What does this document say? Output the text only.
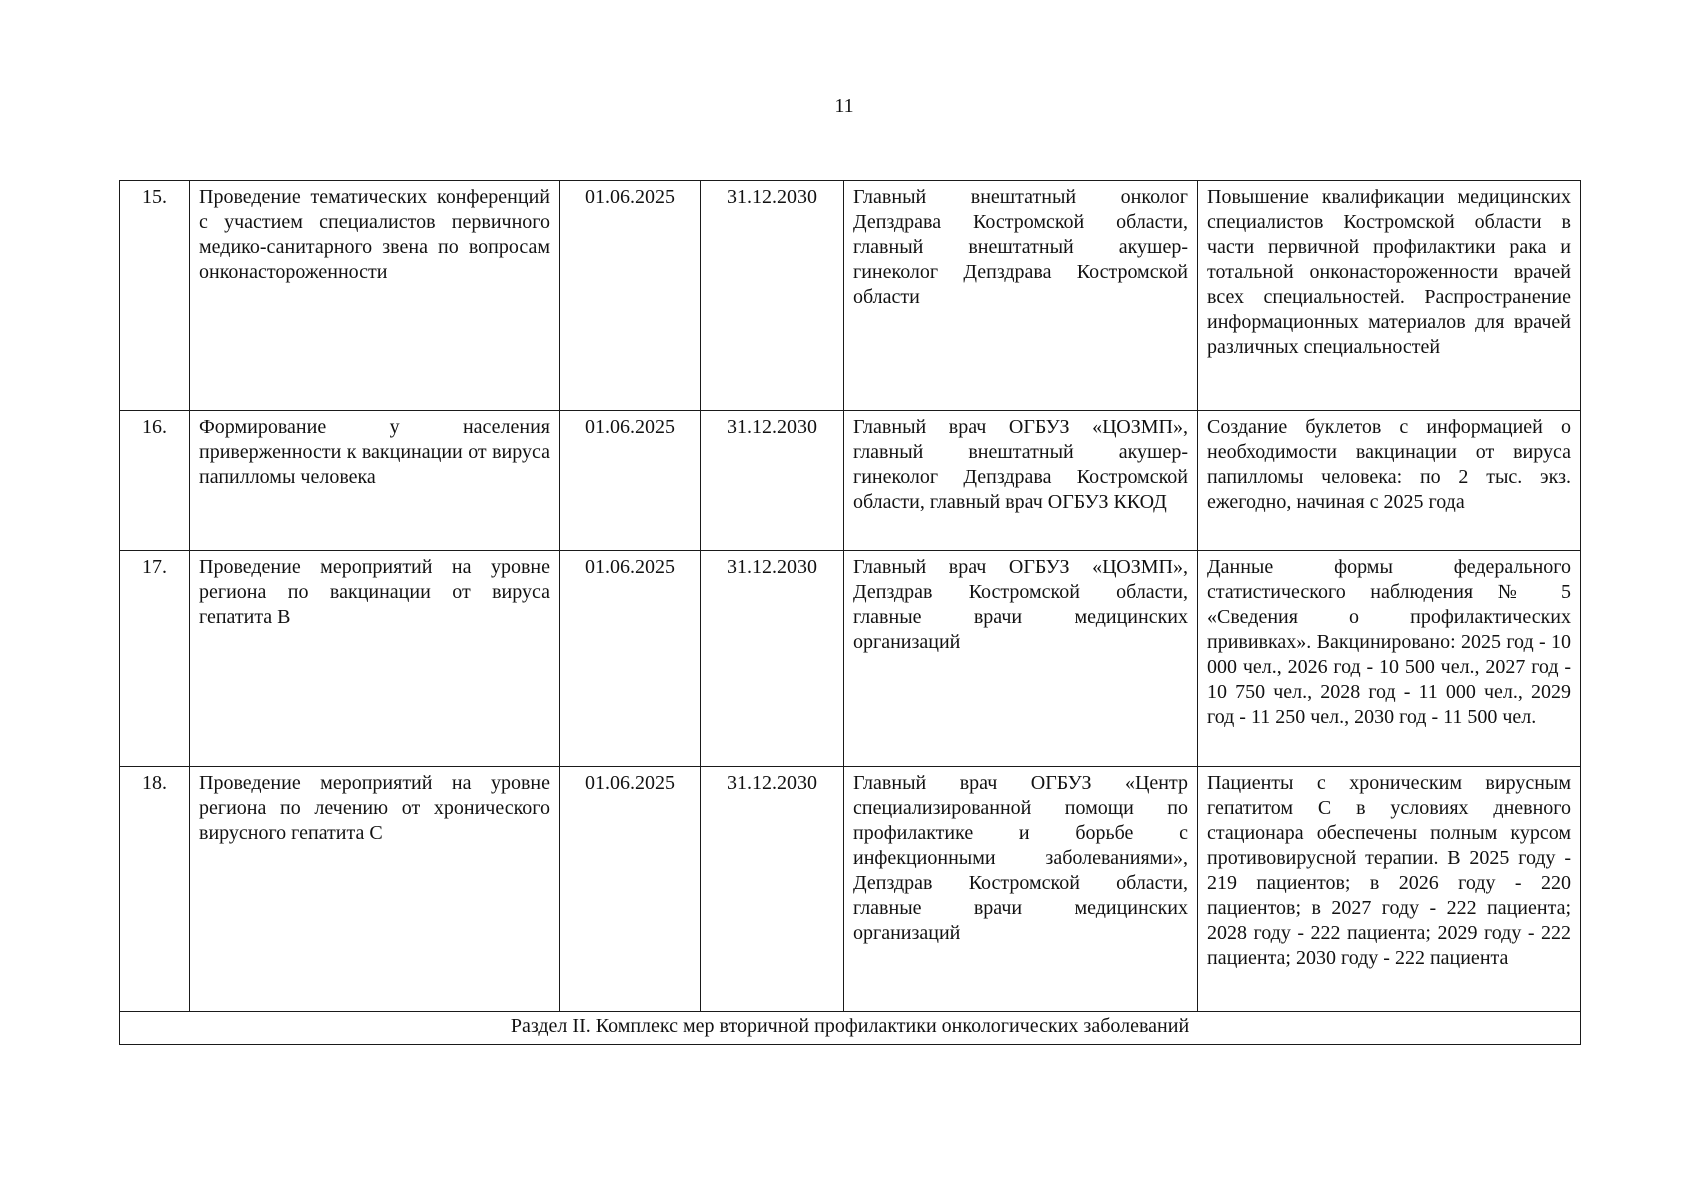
11
15.	Проведение тематических конференций с участием специалистов первичного медико-санитарного звена по вопросам онконастороженности	01.06.2025	31.12.2030	Главный внештатный онколог Депздрава Костромской области, главный внештатный акушер-гинеколог Депздрава Костромской области	Повышение квалификации медицинских специалистов Костромской области в части первичной профилактики рака и тотальной онконастороженности врачей всех специальностей. Распространение информационных материалов для врачей различных специальностей
16.	Формирование у населения приверженности к вакцинации от вируса папилломы человека	01.06.2025	31.12.2030	Главный врач ОГБУЗ «ЦОЗМП», главный внештатный акушер-гинеколог Депздрава Костромской области, главный врач ОГБУЗ ККОД	Создание буклетов с информацией о необходимости вакцинации от вируса папилломы человека: по 2 тыс. экз. ежегодно, начиная с 2025 года
17.	Проведение мероприятий на уровне региона по вакцинации от вируса гепатита В	01.06.2025	31.12.2030	Главный врач ОГБУЗ «ЦОЗМП», Депздрав Костромской области, главные врачи медицинских организаций	Данные формы федерального статистического наблюдения № 5 «Сведения о профилактических прививках». Вакцинировано: 2025 год - 10 000 чел., 2026 год - 10 500 чел., 2027 год - 10 750 чел., 2028 год - 11 000 чел., 2029 год - 11 250 чел., 2030 год - 11 500 чел.
18.	Проведение мероприятий на уровне региона по лечению от хронического вирусного гепатита С	01.06.2025	31.12.2030	Главный врач ОГБУЗ «Центр специализированной помощи по профилактике и борьбе с инфекционными заболеваниями», Депздрав Костромской области, главные врачи медицинских организаций	Пациенты с хроническим вирусным гепатитом С в условиях дневного стационара обеспечены полным курсом противовирусной терапии. В 2025 году - 219 пациентов; в 2026 году - 220 пациентов; в 2027 году - 222 пациента; 2028 году - 222 пациента; 2029 году - 222 пациента; 2030 году - 222 пациента
Раздел II. Комплекс мер вторичной профилактики онкологических заболеваний					
